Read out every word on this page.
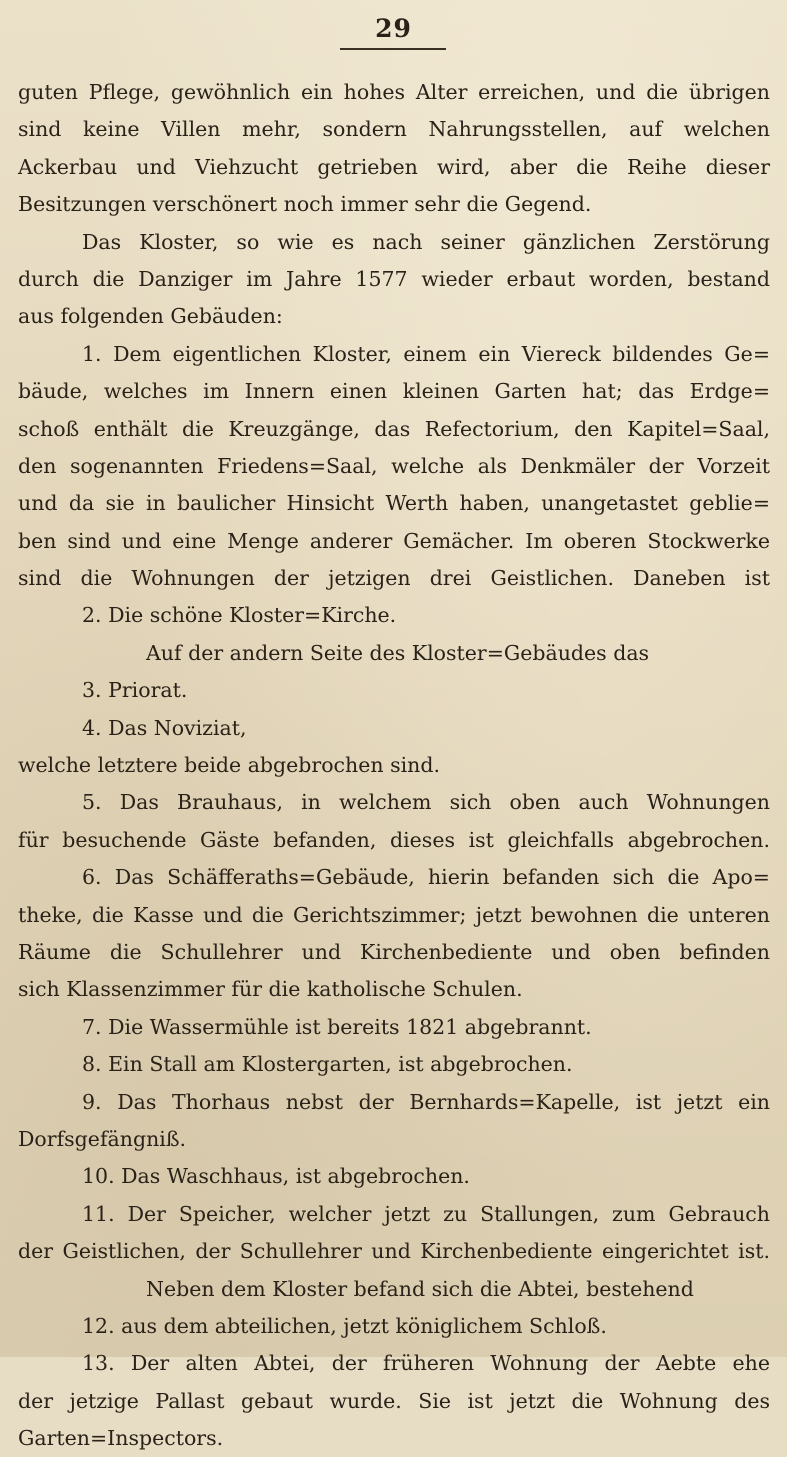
29
guten Pflege, gewöhnlich ein hohes Alter erreichen, und die übrigen
sind keine Villen mehr, sondern Nahrungsstellen, auf welchen
Ackerbau und Viehzucht getrieben wird, aber die Reihe dieser
Besitzungen verschönert noch immer sehr die Gegend.
Das Kloster, so wie es nach seiner gänzlichen Zerstörung
durch die Danziger im Jahre 1577 wieder erbaut worden, bestand
aus folgenden Gebäuden:
1. Dem eigentlichen Kloster, einem ein Viereck bildendes Ge=
bäude, welches im Innern einen kleinen Garten hat; das Erdge=
schoß enthält die Kreuzgänge, das Refectorium, den Kapitel=Saal,
den sogenannten Friedens=Saal, welche als Denkmäler der Vorzeit
und da sie in baulicher Hinsicht Werth haben, unangetastet geblie=
ben sind und eine Menge anderer Gemächer. Im oberen Stockwerke
sind die Wohnungen der jetzigen drei Geistlichen. Daneben ist
2. Die schöne Kloster=Kirche.
Auf der andern Seite des Kloster=Gebäudes das
3. Priorat.
4. Das Noviziat,
welche letztere beide abgebrochen sind.
5. Das Brauhaus, in welchem sich oben auch Wohnungen
für besuchende Gäste befanden, dieses ist gleichfalls abgebrochen.
6. Das Schäfferaths=Gebäude, hierin befanden sich die Apo=
theke, die Kasse und die Gerichtszimmer; jetzt bewohnen die unteren
Räume die Schullehrer und Kirchenbediente und oben befinden
sich Klassenzimmer für die katholische Schulen.
7. Die Wassermühle ist bereits 1821 abgebrannt.
8. Ein Stall am Klostergarten, ist abgebrochen.
9. Das Thorhaus nebst der Bernhards=Kapelle, ist jetzt ein
Dorfsgefängniß.
10. Das Waschhaus, ist abgebrochen.
11. Der Speicher, welcher jetzt zu Stallungen, zum Gebrauch
der Geistlichen, der Schullehrer und Kirchenbediente eingerichtet ist.
Neben dem Kloster befand sich die Abtei, bestehend
12. aus dem abteilichen, jetzt königlichem Schloß.
13. Der alten Abtei, der früheren Wohnung der Aebte ehe
der jetzige Pallast gebaut wurde. Sie ist jetzt die Wohnung des
Garten=Inspectors.
